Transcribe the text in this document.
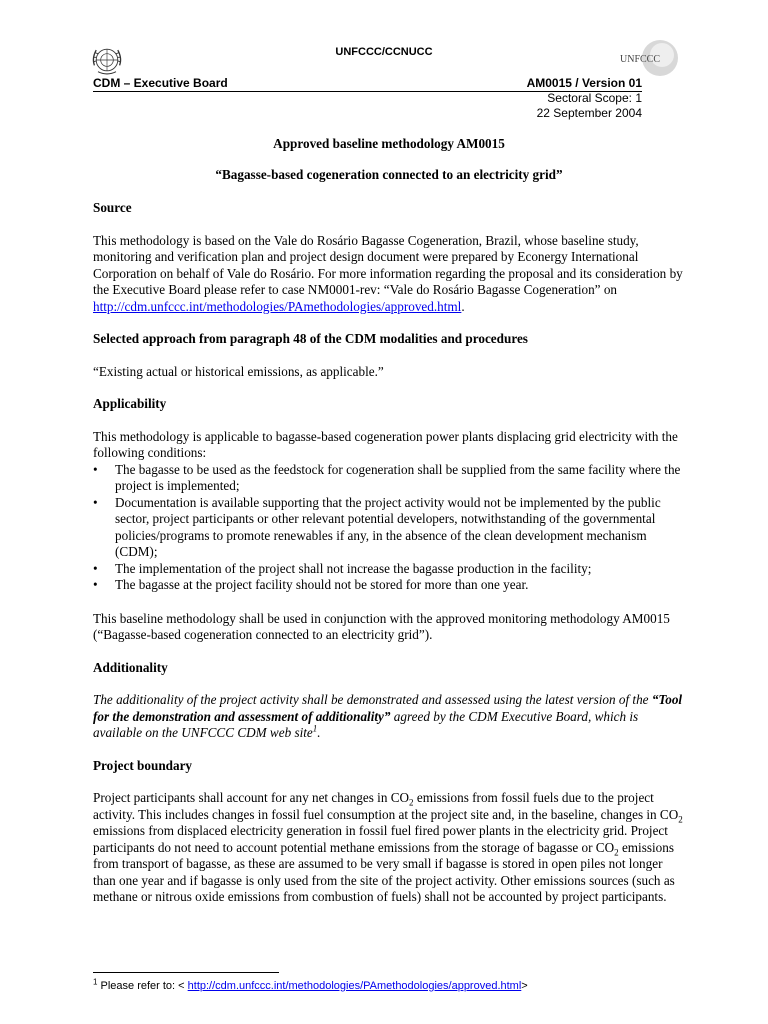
UNFCCC/CCNUCC
UNFCCC
CDM – Executive Board	AM0015 / Version 01
Sectoral Scope: 1
22 September 2004

Approved baseline methodology AM0015

“Bagasse-based cogeneration connected to an electricity grid”

Source

This methodology is based on the Vale do Rosário Bagasse Cogeneration, Brazil, whose baseline study, monitoring and verification plan and project design document were prepared by Econergy International Corporation on behalf of Vale do Rosário. For more information regarding the proposal and its consideration by the Executive Board please refer to case NM0001-rev: “Vale do Rosário Bagasse Cogeneration” on http://cdm.unfccc.int/methodologies/PAmethodologies/approved.html.

Selected approach from paragraph 48 of the CDM modalities and procedures

“Existing actual or historical emissions, as applicable.”

Applicability

This methodology is applicable to bagasse-based cogeneration power plants displacing grid electricity with the following conditions:

• The bagasse to be used as the feedstock for cogeneration shall be supplied from the same facility where the project is implemented;
• Documentation is available supporting that the project activity would not be implemented by the public sector, project participants or other relevant potential developers, notwithstanding of the governmental policies/programs to promote renewables if any, in the absence of the clean development mechanism (CDM);
• The implementation of the project shall not increase the bagasse production in the facility;
• The bagasse at the project facility should not be stored for more than one year.

This baseline methodology shall be used in conjunction with the approved monitoring methodology AM0015 (“Bagasse-based cogeneration connected to an electricity grid”).

Additionality

The additionality of the project activity shall be demonstrated and assessed using the latest version of the “Tool for the demonstration and assessment of additionality” agreed by the CDM Executive Board, which is available on the UNFCCC CDM web site$^1$.

Project boundary

Project participants shall account for any net changes in $CO_2$ emissions from fossil fuels due to the project activity. This includes changes in fossil fuel consumption at the project site and, in the baseline, changes in $CO_2$ emissions from displaced electricity generation in fossil fuel fired power plants in the electricity grid. Project participants do not need to account potential methane emissions from the storage of bagasse or $CO_2$ emissions from transport of bagasse, as these are assumed to be very small if bagasse is stored in open piles not longer than one year and if bagasse is only used from the site of the project activity. Other emissions sources (such as methane or nitrous oxide emissions from combustion of fuels) shall not be accounted by project participants.

$^1$ Please refer to: < http://cdm.unfccc.int/methodologies/PAmethodologies/approved.html>
